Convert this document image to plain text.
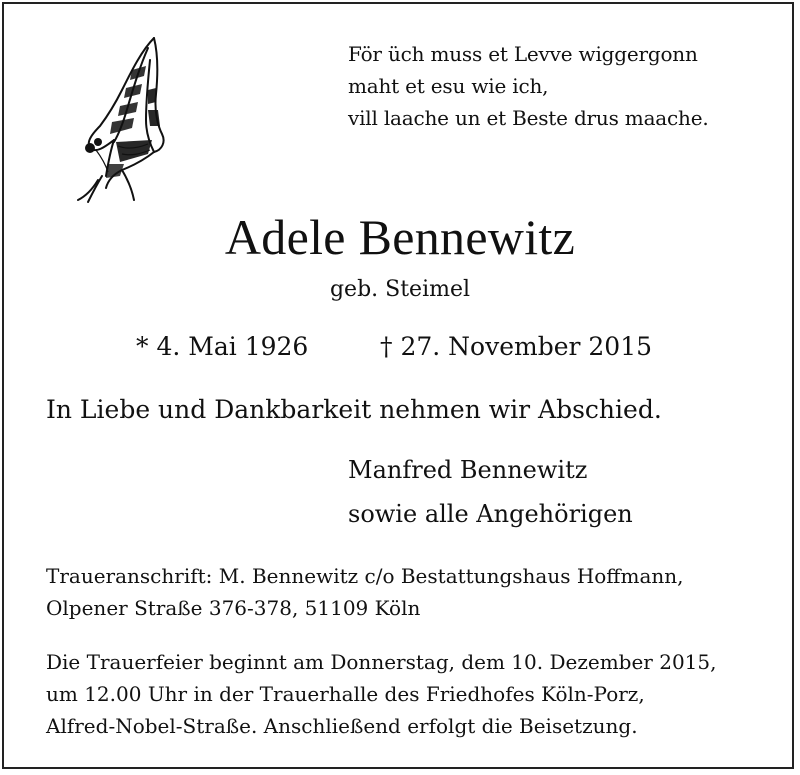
För üch muss et Levve wiggergonn
maht et esu wie ich,
vill laache un et Beste drus maache.
Adele Bennewitz
geb. Steimel
* 4. Mai 1926	† 27. November 2015
In Liebe und Dankbarkeit nehmen wir Abschied.
Manfred Bennewitz
sowie alle Angehörigen
Traueranschrift: M. Bennewitz c/o Bestattungshaus Hoffmann,
Olpener Straße 376-378, 51109 Köln
Die Trauerfeier beginnt am Donnerstag, dem 10. Dezember 2015,
um 12.00 Uhr in der Trauerhalle des Friedhofes Köln-Porz,
Alfred-Nobel-Straße. Anschließend erfolgt die Beisetzung.
